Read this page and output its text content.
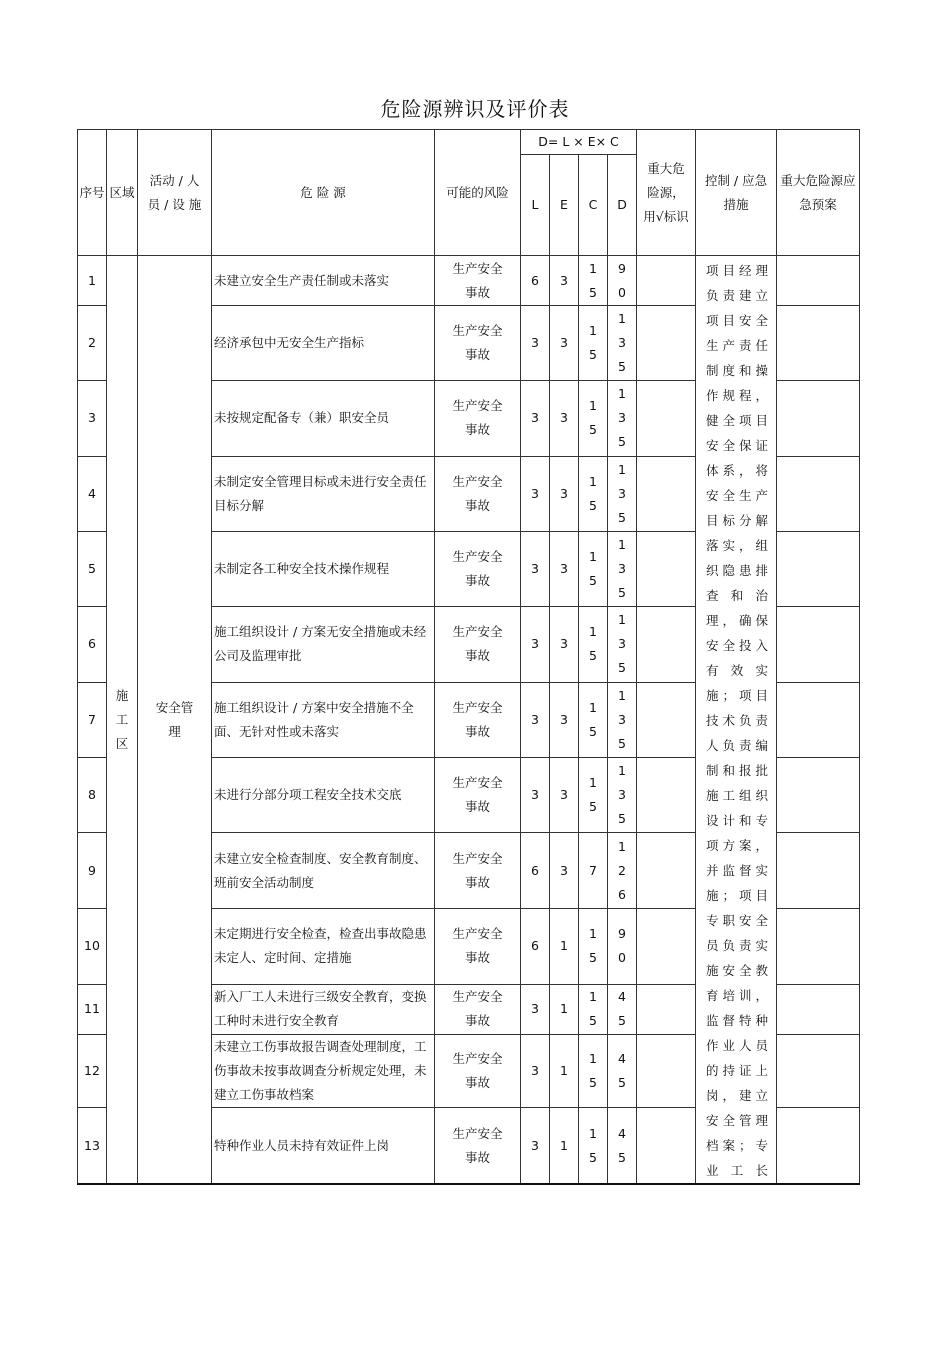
危险源辨识及评价表
序号	区域	活动 / 人员 / 设 施	危 险 源	可能的风险	D= L × E× C				重大危险源，用√标识	控制 / 应急措施	重大危险源应急预案
					L	E	C	D			
1	施工区	安全管理	未建立安全生产责任制或未落实	生产安全事故	6	3	15	90		项目经理负责建立项目安全生产责任制度和操作规程，健全项目安全保证体系，将安全生产目标分解落实，组织隐患排查和治理，确保安全投入有效实施；项目技术负责人负责编制和报批施工组织设计和专项方案，并监督实施；项目专职安全员负责实施安全教育培训，监督特种作业人员的持证上岗，建立安全管理档案；专业工长	
2			经济承包中无安全生产指标	生产安全事故	3	3	15	135			
3			未按规定配备专（兼）职安全员	生产安全事故	3	3	15	135			
4			未制定安全管理目标或未进行安全责任目标分解	生产安全事故	3	3	15	135			
5			未制定各工种安全技术操作规程	生产安全事故	3	3	15	135			
6			施工组织设计 / 方案无安全措施或未经公司及监理审批	生产安全事故	3	3	15	135			
7			施工组织设计 / 方案中安全措施不全面、无针对性或未落实	生产安全事故	3	3	15	135			
8			未进行分部分项工程安全技术交底	生产安全事故	3	3	15	135			
9			未建立安全检查制度、安全教育制度、班前安全活动制度	生产安全事故	6	3	7	126			
10			未定期进行安全检查，检查出事故隐患未定人、定时间、定措施	生产安全事故	6	1	15	90			
11			新入厂工人未进行三级安全教育，变换工种时未进行安全教育	生产安全事故	3	1	15	45			
12			未建立工伤事故报告调查处理制度，工伤事故未按事故调查分析规定处理，未建立工伤事故档案	生产安全事故	3	1	15	45			
13			特种作业人员未持有效证件上岗	生产安全事故	3	1	15	45			
